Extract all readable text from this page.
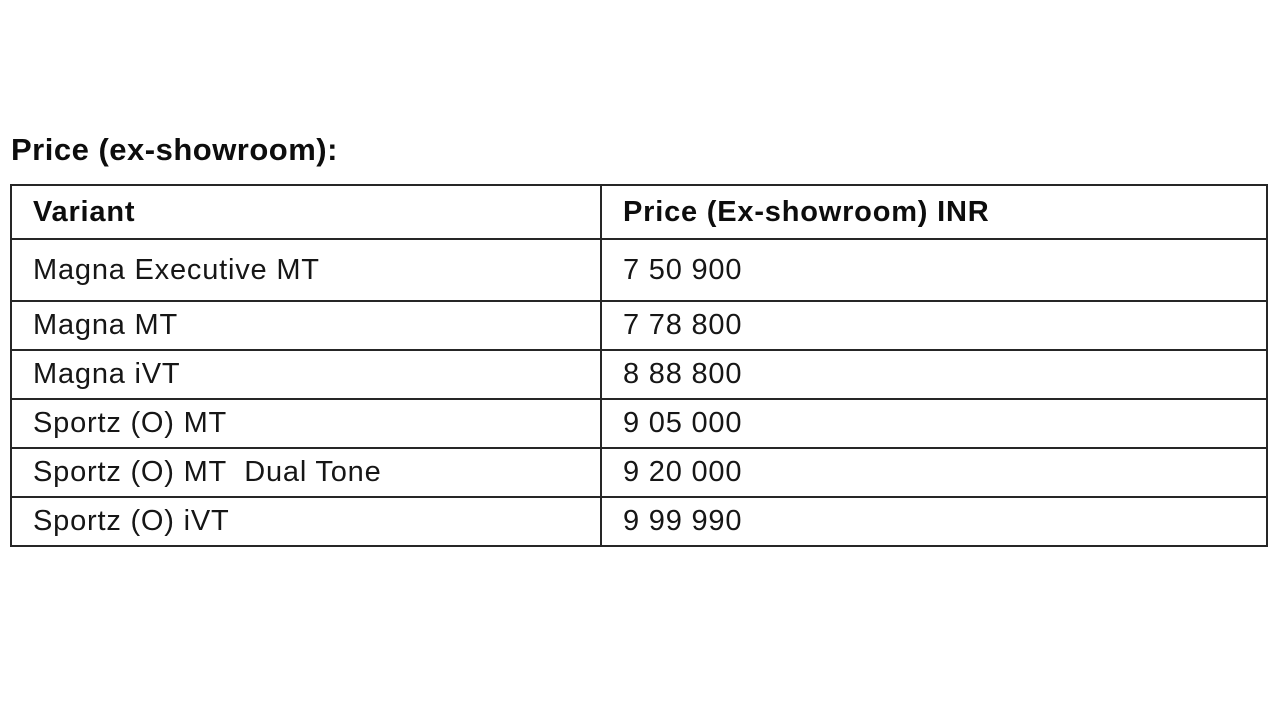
Price (ex-showroom):
Variant	Price (Ex-showroom) INR
Magna Executive MT	7 50 900
Magna MT	7 78 800
Magna iVT	8 88 800
Sportz (O) MT	9 05 000
Sportz (O) MT  Dual Tone	9 20 000
Sportz (O) iVT	9 99 990
